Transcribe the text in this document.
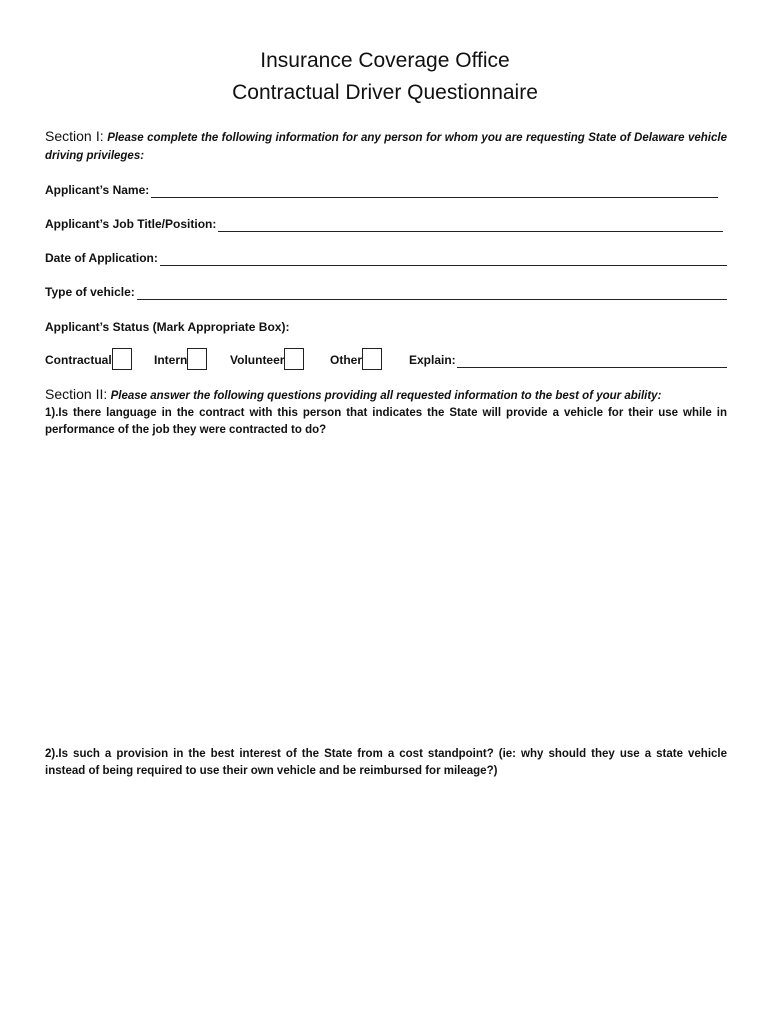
Insurance Coverage Office
Contractual Driver Questionnaire
Section I: Please complete the following information for any person for whom you are requesting State of Delaware vehicle driving privileges:
Applicant’s Name:
Applicant’s Job Title/Position:
Date of Application:
Type of vehicle:
Applicant’s Status (Mark Appropriate Box):
Contractual	Intern	Volunteer	Other	Explain:
Section II: Please answer the following questions providing all requested information to the best of your ability:

1).Is there language in the contract with this person that indicates the State will provide a vehicle for their use while in performance of the job they were contracted to do?

2).Is such a provision in the best interest of the State from a cost standpoint? (ie: why should they use a state vehicle instead of being required to use their own vehicle and be reimbursed for mileage?)
